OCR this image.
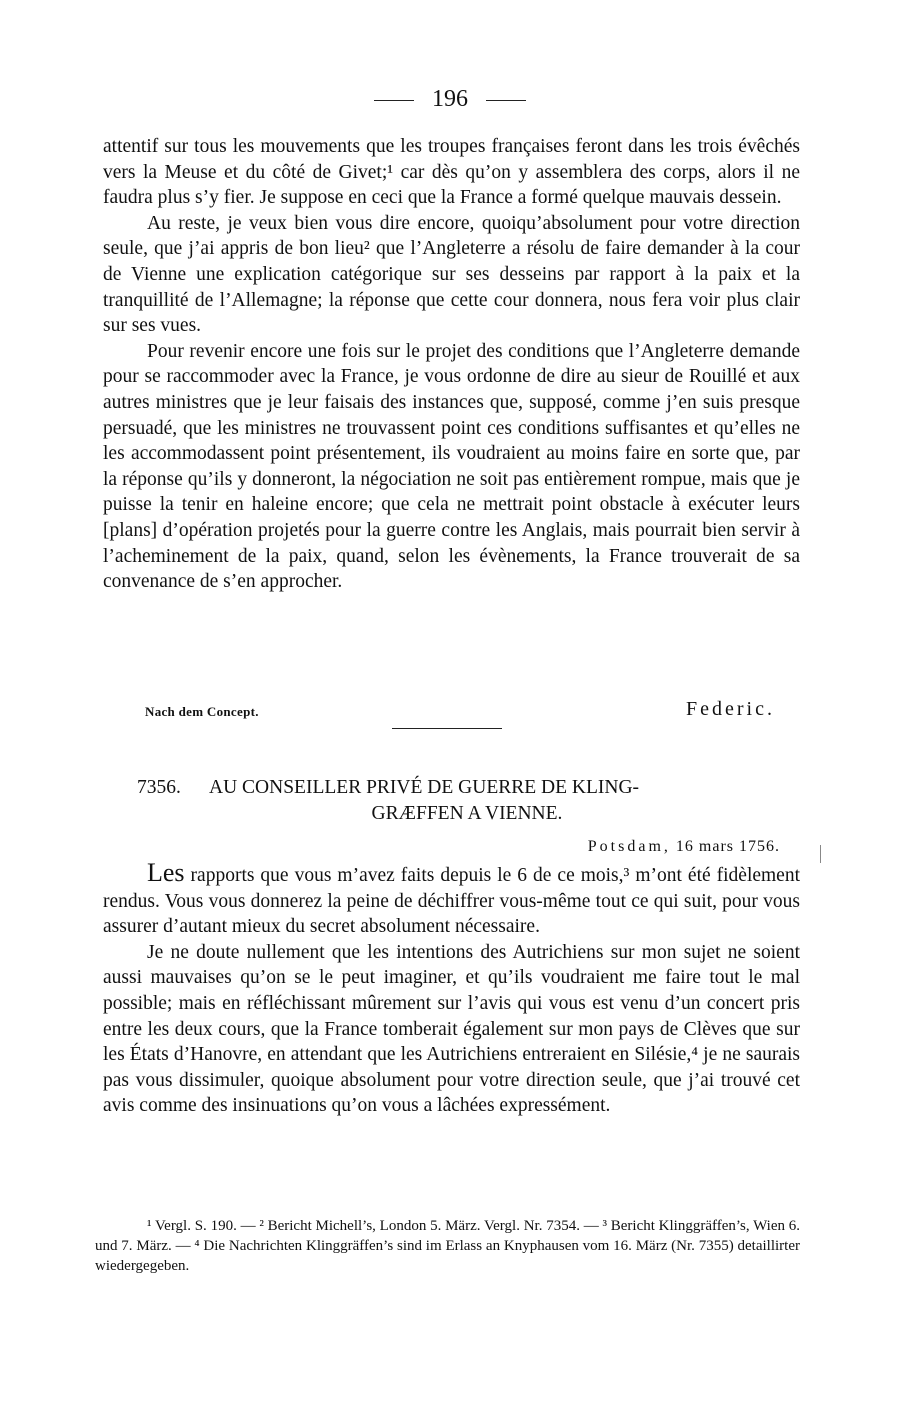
196

attentif sur tous les mouvements que les troupes françaises feront dans les trois évêchés vers la Meuse et du côté de Givet;¹ car dès qu’on y assemblera des corps, alors il ne faudra plus s’y fier. Je suppose en ceci que la France a formé quelque mauvais dessein.

Au reste, je veux bien vous dire encore, quoiqu’absolument pour votre direction seule, que j’ai appris de bon lieu² que l’Angleterre a résolu de faire demander à la cour de Vienne une explication catégorique sur ses desseins par rapport à la paix et la tranquillité de l’Allemagne; la réponse que cette cour donnera, nous fera voir plus clair sur ses vues.

Pour revenir encore une fois sur le projet des conditions que l’Angleterre demande pour se raccommoder avec la France, je vous ordonne de dire au sieur de Rouillé et aux autres ministres que je leur faisais des instances que, supposé, comme j’en suis presque persuadé, que les ministres ne trouvassent point ces conditions suffisantes et qu’elles ne les accommodassent point présentement, ils voudraient au moins faire en sorte que, par la réponse qu’ils y donneront, la négociation ne soit pas entièrement rompue, mais que je puisse la tenir en haleine encore; que cela ne mettrait point obstacle à exécuter leurs [plans] d’opération projetés pour la guerre contre les Anglais, mais pourrait bien servir à l’acheminement de la paix, quand, selon les évènements, la France trouverait de sa convenance de s’en approcher.

Nach dem Concept.	Federic.
7356. AU CONSEILLER PRIVÉ DE GUERRE DE KLING-
GRÆFFEN A VIENNE.
Potsdam, 16 mars 1756.

Les rapports que vous m’avez faits depuis le 6 de ce mois,³ m’ont été fidèlement rendus. Vous vous donnerez la peine de déchiffrer vous-même tout ce qui suit, pour vous assurer d’autant mieux du secret absolument nécessaire.

Je ne doute nullement que les intentions des Autrichiens sur mon sujet ne soient aussi mauvaises qu’on se le peut imaginer, et qu’ils voudraient me faire tout le mal possible; mais en réfléchissant mûrement sur l’avis qui vous est venu d’un concert pris entre les deux cours, que la France tomberait également sur mon pays de Clèves que sur les États d’Hanovre, en attendant que les Autrichiens entreraient en Silésie,⁴ je ne saurais pas vous dissimuler, quoique absolument pour votre direction seule, que j’ai trouvé cet avis comme des insinuations qu’on vous a lâchées expressément.

¹ Vergl. S. 190. — ² Bericht Michell’s, London 5. März. Vergl. Nr. 7354. — ³ Bericht Klinggräffen’s, Wien 6. und 7. März. — ⁴ Die Nachrichten Klinggräffen’s sind im Erlass an Knyphausen vom 16. März (Nr. 7355) detaillirter wiedergegeben.
